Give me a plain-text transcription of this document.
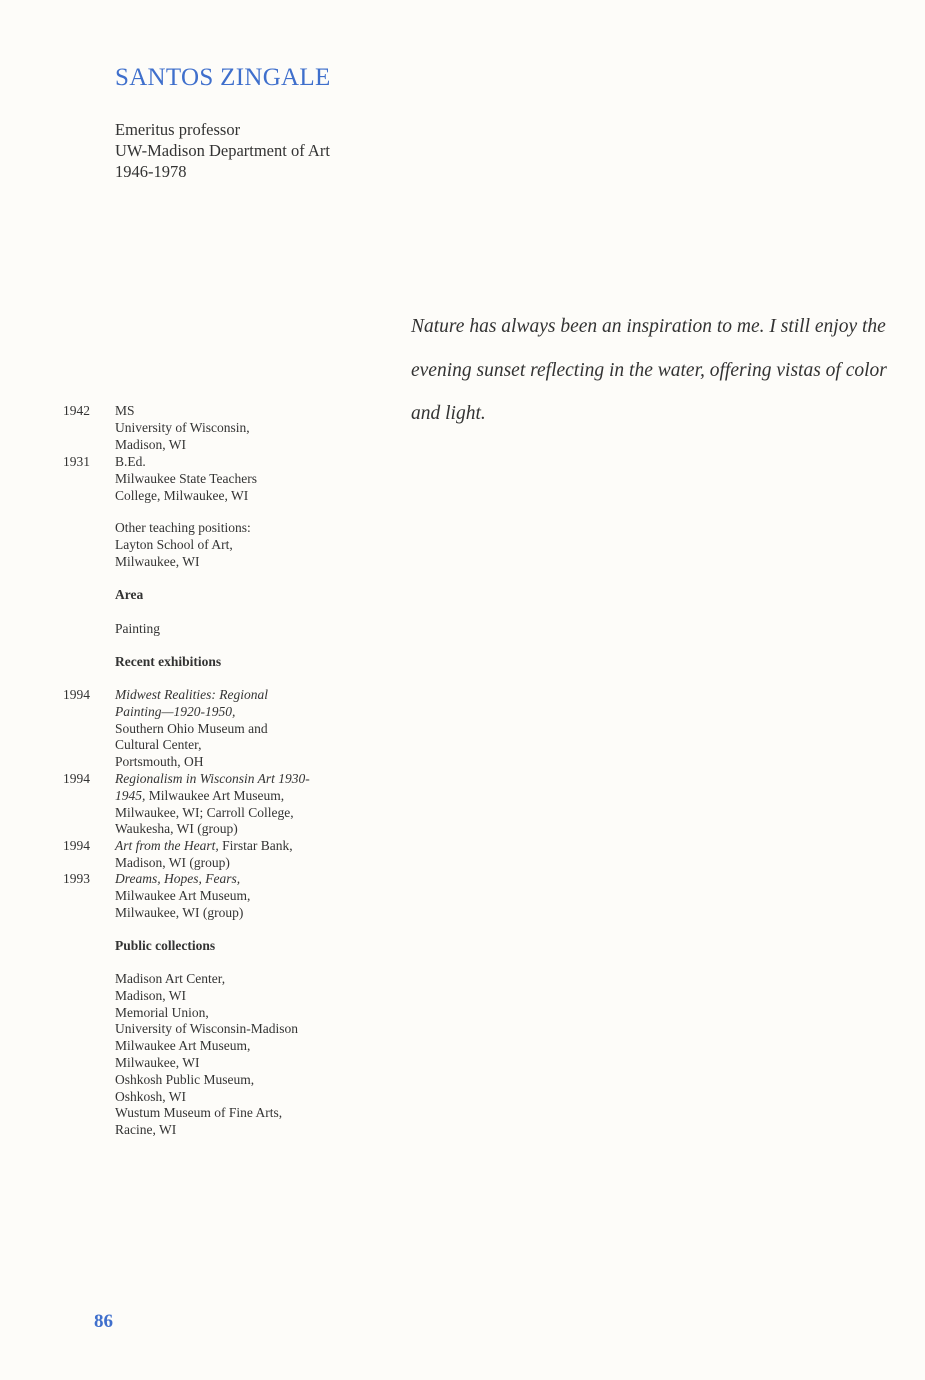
SANTOS ZINGALE
Emeritus professor
UW-Madison Department of Art
1946-1978
Nature has always been an inspiration to me. I still enjoy the evening sunset reflecting in the water, offering vistas of color and light.
1942	MS
University of Wisconsin,
Madison, WI
1931	B.Ed.
Milwaukee State Teachers
College, Milwaukee, WI
Other teaching positions:
Layton School of Art,
Milwaukee, WI
Area
Painting
Recent exhibitions
1994	Midwest Realities: Regional
Painting—1920-1950,
Southern Ohio Museum and
Cultural Center,
Portsmouth, OH
1994	Regionalism in Wisconsin Art 1930-
1945, Milwaukee Art Museum,
Milwaukee, WI; Carroll College,
Waukesha, WI (group)
1994	Art from the Heart, Firstar Bank,
Madison, WI (group)
1993	Dreams, Hopes, Fears,
Milwaukee Art Museum,
Milwaukee, WI (group)
Public collections
Madison Art Center,
Madison, WI
Memorial Union,
University of Wisconsin-Madison
Milwaukee Art Museum,
Milwaukee, WI
Oshkosh Public Museum,
Oshkosh, WI
Wustum Museum of Fine Arts,
Racine, WI
86
